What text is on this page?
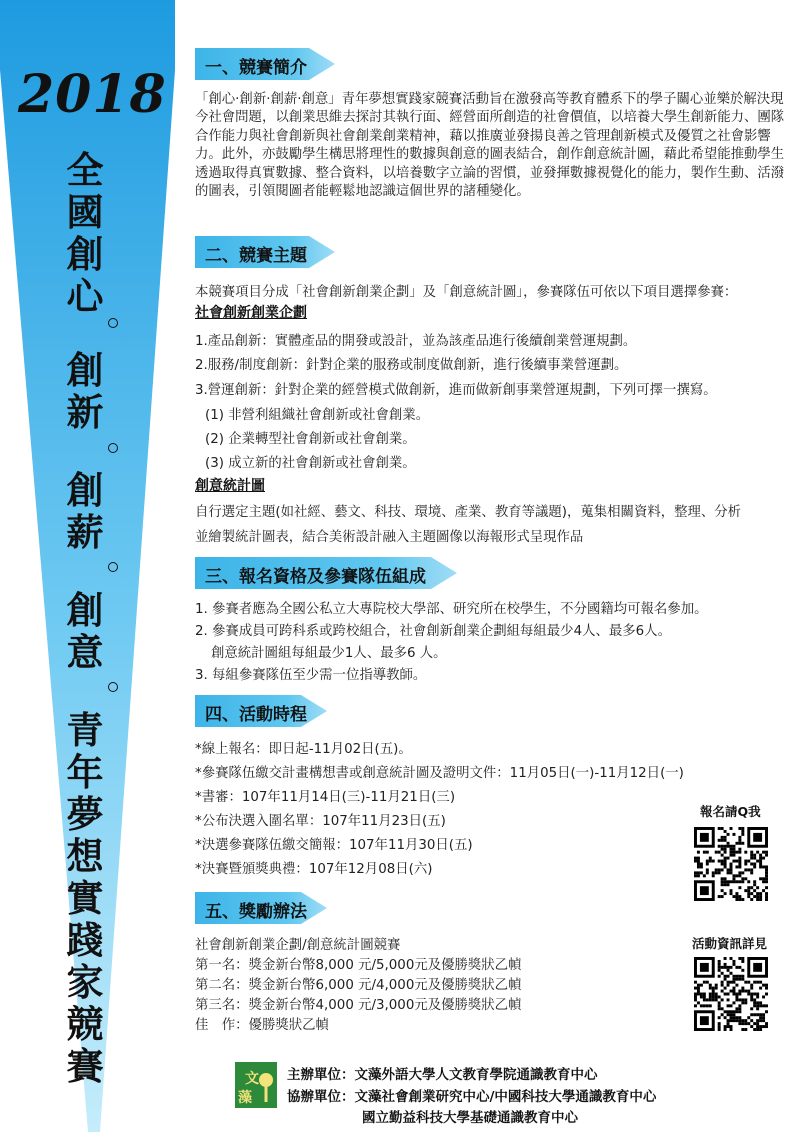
2018
全國創心
創新
創薪
創意
青年夢想實踐家競賽
一、競賽簡介
「創心‧創新‧創薪‧創意」青年夢想實踐家競賽活動旨在激發高等教育體系下的學子關心並樂於解決現今社會問題，以創業思維去探討其執行面、經營面所創造的社會價值，以培養大學生創新能力、團隊合作能力與社會創新與社會創業創業精神，藉以推廣並發揚良善之管理創新模式及優質之社會影響力。此外，亦鼓勵學生構思將理性的數據與創意的圖表結合，創作創意統計圖，藉此希望能推動學生透過取得真實數據、整合資料，以培養數字立論的習慣，並發揮數據視覺化的能力，製作生動、活潑的圖表，引領閱圖者能輕鬆地認識這個世界的諸種變化。
二、競賽主題
本競賽項目分成「社會創新創業企劃」及「創意統計圖」，參賽隊伍可依以下項目選擇參賽：
社會創新創業企劃
1.產品創新：實體產品的開發或設計，並為該產品進行後續創業營運規劃。
2.服務/制度創新：針對企業的服務或制度做創新，進行後續事業營運劃。
3.營運創新：針對企業的經營模式做創新，進而做新創事業營運規劃，下列可擇一撰寫。
(1) 非營利組織社會創新或社會創業。
(2) 企業轉型社會創新或社會創業。
(3) 成立新的社會創新或社會創業。
創意統計圖
自行選定主題(如社經、藝文、科技、環境、產業、教育等議題)，蒐集相關資料，整理、分析
並繪製統計圖表，結合美術設計融入主題圖像以海報形式呈現作品
三、報名資格及參賽隊伍組成
1. 參賽者應為全國公私立大專院校大學部、研究所在校學生，不分國籍均可報名參加。
2. 參賽成員可跨科系或跨校組合，社會創新創業企劃組每組最少4人、最多6人。
創意統計圖組每組最少1人、最多6 人。
3. 每組參賽隊伍至少需一位指導教師。
四、活動時程
*線上報名：即日起-11月02日(五)。
*參賽隊伍繳交計畫構想書或創意統計圖及證明文件：11月05日(一)-11月12日(一)
*書審：107年11月14日(三)-11月21日(三)
*公布決選入圍名單：107年11月23日(五)
*決選參賽隊伍繳交簡報：107年11月30日(五)
*決賽暨頒獎典禮：107年12月08日(六)
五、獎勵辦法
社會創新創業企劃/創意統計圖競賽
第一名：獎金新台幣8,000 元/5,000元及優勝獎狀乙幀
第二名：獎金新台幣6,000 元/4,000元及優勝獎狀乙幀
第三名：獎金新台幣4,000 元/3,000元及優勝獎狀乙幀
佳　作：優勝獎狀乙幀
報名請Q我
活動資訊詳見
文
藻
主辦單位：文藻外語大學人文教育學院通識教育中心
協辦單位：文藻社會創業研究中心/中國科技大學通識教育中心
國立勤益科技大學基礎通識教育中心
